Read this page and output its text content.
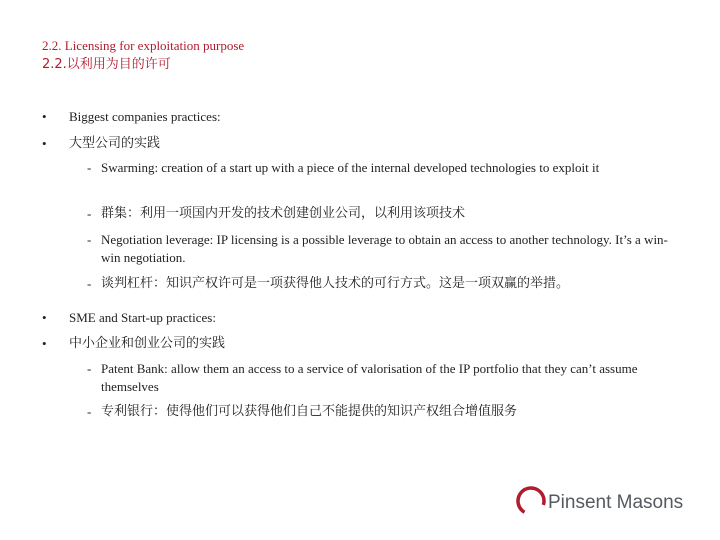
2.2. Licensing for exploitation purpose
2.2.以利用为目的许可
•	Biggest companies practices:
•	大型公司的实践
- Swarming: creation of a start up with a piece of the internal developed technologies to exploit it
- 群集：利用一项国内开发的技术创建创业公司，以利用该项技术
- Negotiation leverage: IP licensing is a possible leverage to obtain an access to another technology. It’s a win-win negotiation.
- 谈判杠杆：知识产权许可是一项获得他人技术的可行方式。这是一项双赢的举措。
•	SME and Start-up practices:
•	中小企业和创业公司的实践
- Patent Bank: allow them an access to a service of valorisation of the IP portfolio that they can’t assume themselves
- 专利银行：使得他们可以获得他们自己不能提供的知识产权组合增值服务
Pinsent Masons
